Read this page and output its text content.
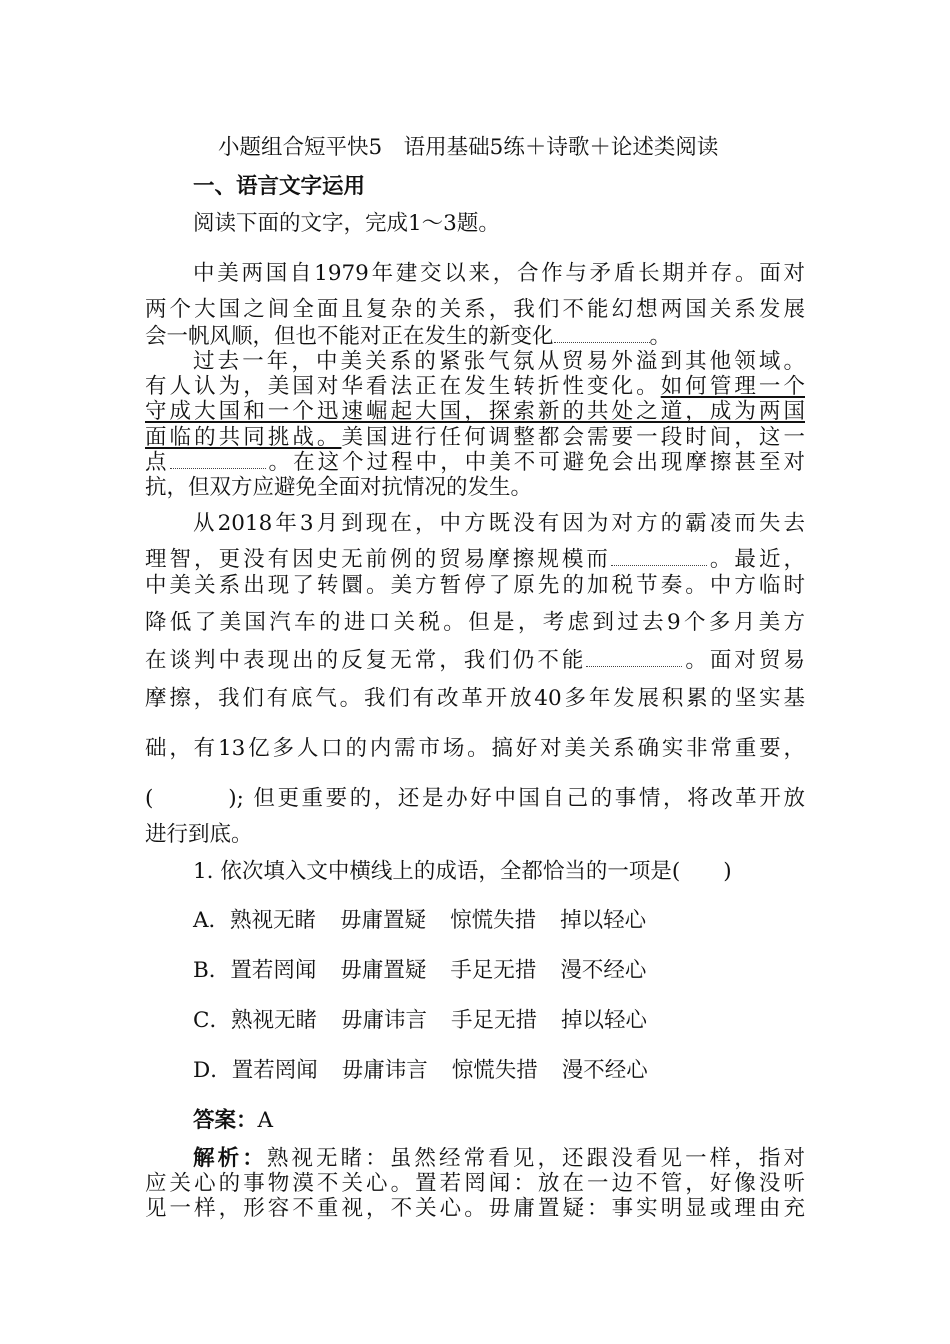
小题组合短平快5　语用基础5练＋诗歌＋论述类阅读
一、语言文字运用
阅读下面的文字，完成1～3题。
中美两国自1979年建交以来，合作与矛盾长期并存。面对
两个大国之间全面且复杂的关系，我们不能幻想两国关系发展
会一帆风顺，但也不能对正在发生的新变化	。
过去一年，中美关系的紧张气氛从贸易外溢到其他领域。
有人认为，美国对华看法正在发生转折性变化。如何管理一个
守成大国和一个迅速崛起大国，探索新的共处之道，成为两国
面临的共同挑战。美国进行任何调整都会需要一段时间，这一
点	。在这个过程中，中美不可避免会出现摩擦甚至对
抗，但双方应避免全面对抗情况的发生。
从2018年3月到现在，中方既没有因为对方的霸凌而失去
理智，更没有因史无前例的贸易摩擦规模而	。最近，
中美关系出现了转圜。美方暂停了原先的加税节奏。中方临时
降低了美国汽车的进口关税。但是，考虑到过去9个多月美方
在谈判中表现出的反复无常，我们仍不能	。面对贸易
摩擦，我们有底气。我们有改革开放40多年发展积累的坚实基
础，有13亿多人口的内需市场。搞好对美关系确实非常重要，
(　　　); 但更重要的，还是办好中国自己的事情，将改革开放
进行到底。
1. 依次填入文中横线上的成语，全都恰当的一项是(　　)
A．熟视无睹 毋庸置疑 惊慌失措 掉以轻心
B．置若罔闻 毋庸置疑 手足无措 漫不经心
C．熟视无睹 毋庸讳言 手足无措 掉以轻心
D．置若罔闻 毋庸讳言 惊慌失措 漫不经心
答案：A
解析：熟视无睹：虽然经常看见，还跟没看见一样，指对
应关心的事物漠不关心。置若罔闻：放在一边不管，好像没听
见一样，形容不重视，不关心。毋庸置疑：事实明显或理由充
